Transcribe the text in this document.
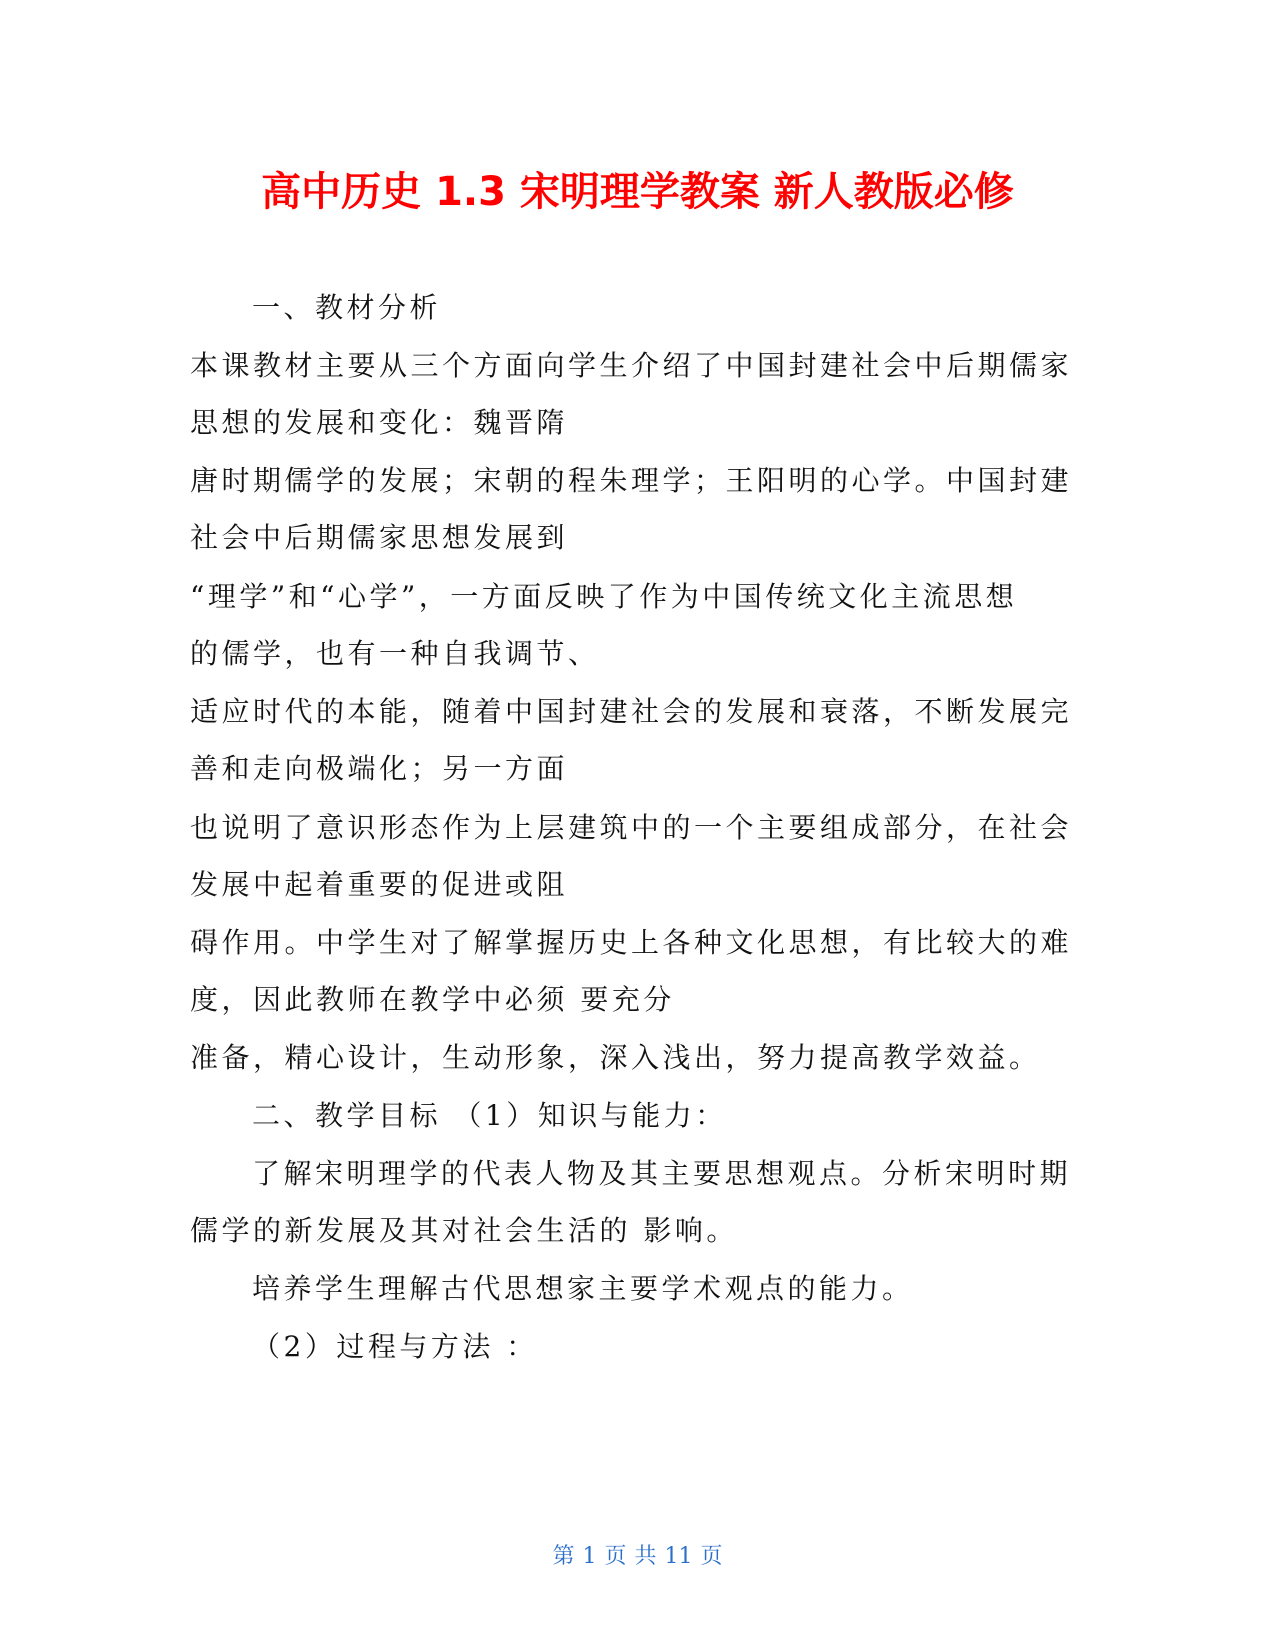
高中历史 1.3 宋明理学教案 新人教版必修
一、教材分析
本课教材主要从三个方面向学生介绍了中国封建社会中后期儒家
思想的发展和变化：魏晋隋
唐时期儒学的发展；宋朝的程朱理学；王阳明的心学。中国封建
社会中后期儒家思想发展到
“理学”和“心学”，一方面反映了作为中国传统文化主流思想
的儒学，也有一种自我调节、
适应时代的本能，随着中国封建社会的发展和衰落，不断发展完
善和走向极端化；另一方面
也说明了意识形态作为上层建筑中的一个主要组成部分，在社会
发展中起着重要的促进或阻
碍作用。中学生对了解掌握历史上各种文化思想，有比较大的难
度，因此教师在教学中必须 要充分
准备，精心设计，生动形象，深入浅出，努力提高教学效益。
二、教学目标 （1）知识与能力：
了解宋明理学的代表人物及其主要思想观点。分析宋明时期
儒学的新发展及其对社会生活的 影响。
培养学生理解古代思想家主要学术观点的能力。
（2）过程与方法 ：
第 1 页 共 11 页
